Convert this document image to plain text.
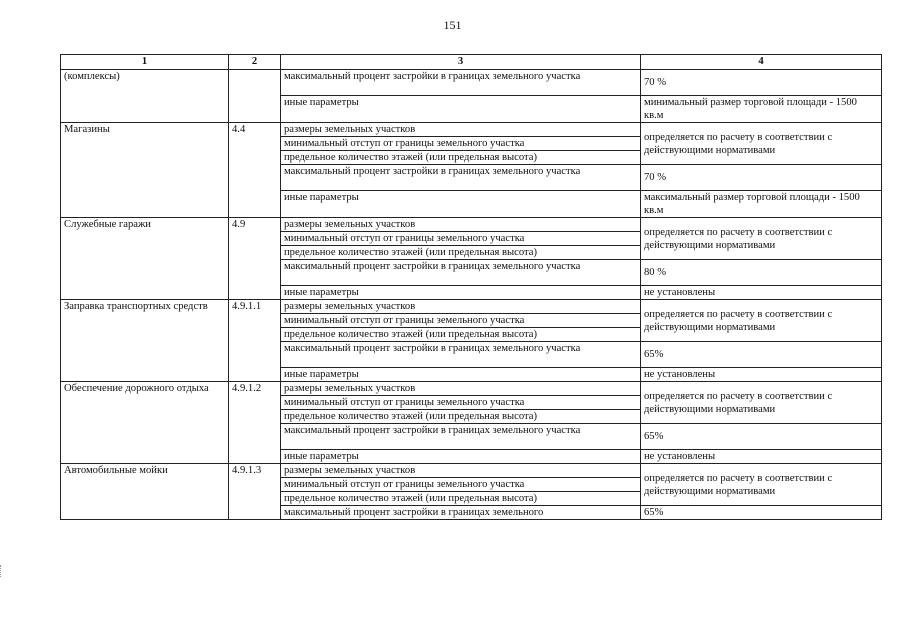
151
1	2	3	4
(комплексы)		максимальный процент застройки в границах земельного участка	70 %
		иные параметры	минимальный размер торговой площади - 1500 кв.м
Магазины	4.4	размеры земельных участков	определяется по расчету в соответствии с действующими нормативами
		минимальный отступ от границы земельного участка	
		предельное количество этажей (или предельная высота)	
		максимальный процент застройки в границах земельного участка	70 %
		иные параметры	максимальный размер торговой площади - 1500 кв.м
Служебные гаражи	4.9	размеры земельных участков	определяется по расчету в соответствии с действующими нормативами
		минимальный отступ от границы земельного участка	
		предельное количество этажей (или предельная высота)	
		максимальный процент застройки в границах земельного участка	80 %
		иные параметры	не установлены
Заправка транспортных средств	4.9.1.1	размеры земельных участков	определяется по расчету в соответствии с действующими нормативами
		минимальный отступ от границы земельного участка	
		предельное количество этажей (или предельная высота)	
		максимальный процент застройки в границах земельного участка	65%
		иные параметры	не установлены
Обеспечение дорожного отдыха	4.9.1.2	размеры земельных участков	определяется по расчету в соответствии с действующими нормативами
		минимальный отступ от границы земельного участка	
		предельное количество этажей (или предельная высота)	
		максимальный процент застройки в границах земельного участка	65%
		иные параметры	не установлены
Автомобильные мойки	4.9.1.3	размеры земельных участков	определяется по расчету в соответствии с действующими нормативами
		минимальный отступ от границы земельного участка	
		предельное количество этажей (или предельная высота)	
		максимальный процент застройки в границах земельного	65%
